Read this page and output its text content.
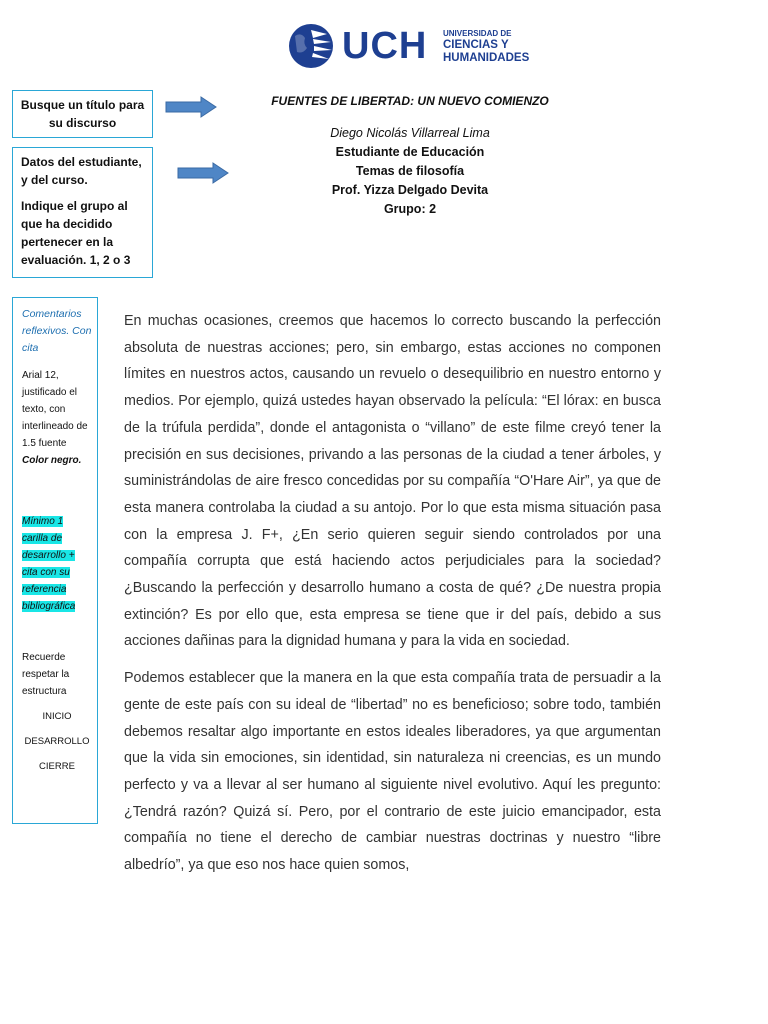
UCH UNIVERSIDAD DE
CIENCIAS Y
HUMANIDADES
Busque un título para su discurso

Datos del estudiante, y del curso.

Indique el grupo al que ha decidido pertenecer en la evaluación. 1, 2 o 3

FUENTES DE LIBERTAD: UN NUEVO COMIENZO
Diego Nicolás Villarreal Lima
Estudiante de Educación
Temas de filosofía
Prof. Yizza Delgado Devita
Grupo: 2
Comentarios reflexivos. Con cita
Arial 12, justificado el texto, con interlineado de 1.5 fuente Color negro.
Mínimo 1 carilla de desarrollo + cita con su referencia bibliográfica
Recuerde respetar la estructura
INICIO
DESARROLLO
CIERRE

En muchas ocasiones, creemos que hacemos lo correcto buscando la perfección absoluta de nuestras acciones; pero, sin embargo, estas acciones no componen límites en nuestros actos, causando un revuelo o desequilibrio en nuestro entorno y medios. Por ejemplo, quizá ustedes hayan observado la película: “El lórax: en busca de la trúfula perdida”, donde el antagonista o “villano” de este filme creyó tener la precisión en sus decisiones, privando a las personas de la ciudad a tener árboles, y suministrándolas de aire fresco concedidas por su compañía “O'Hare Air”, ya que de esta manera controlaba la ciudad a su antojo. Por lo que esta misma situación pasa con la empresa J. F+, ¿En serio quieren seguir siendo controlados por una compañía corrupta que está haciendo actos perjudiciales para la sociedad? ¿Buscando la perfección y desarrollo humano a costa de qué? ¿De nuestra propia extinción? Es por ello que, esta empresa se tiene que ir del país, debido a sus acciones dañinas para la dignidad humana y para la vida en sociedad.

Podemos establecer que la manera en la que esta compañía trata de persuadir a la gente de este país con su ideal de “libertad” no es beneficioso; sobre todo, también debemos resaltar algo importante en estos ideales liberadores, ya que argumentan que la vida sin emociones, sin identidad, sin naturaleza ni creencias, es un mundo perfecto y va a llevar al ser humano al siguiente nivel evolutivo. Aquí les pregunto: ¿Tendrá razón? Quizá sí. Pero, por el contrario de este juicio emancipador, esta compañía no tiene el derecho de cambiar nuestras doctrinas y nuestro “libre albedrío”, ya que eso nos hace quien somos,
